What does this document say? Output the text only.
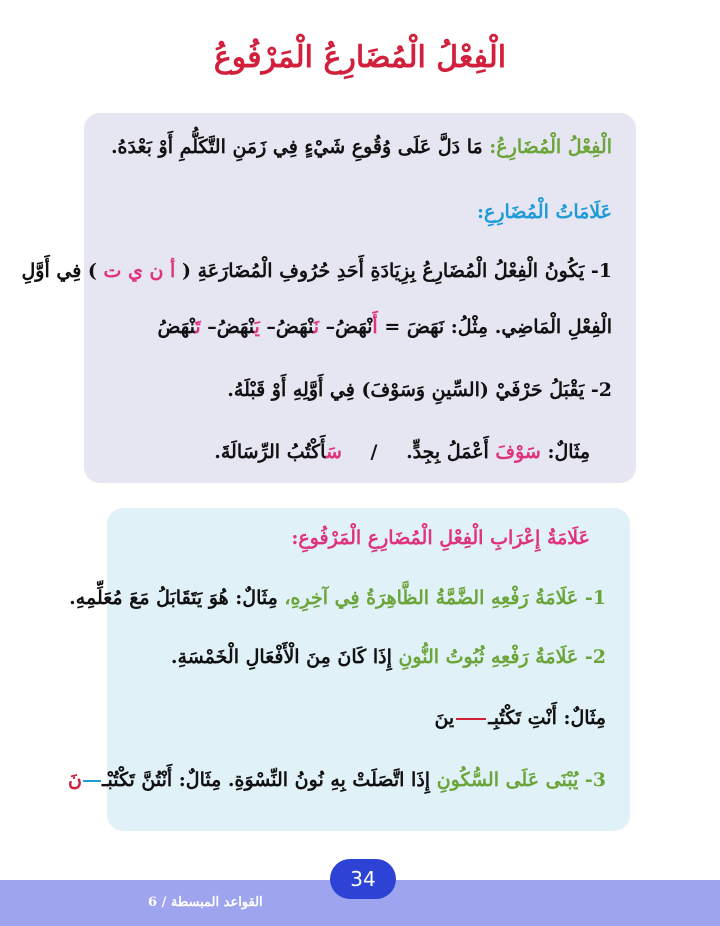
الْفِعْلُ الْمُضَارِعُ الْمَرْفُوعُ
الْفِعْلُ الْمُضَارِعُ: مَا دَلَّ عَلَى وُقُوعِ شَيْءٍ فِي زَمَنِ التَّكَلُّمِ أَوْ بَعْدَهُ.
عَلَامَاتُ الْمُضَارِعِ:
1- يَكُونُ الْفِعْلُ الْمُضَارِعُ بِزِيَادَةِ أَحَدِ حُرُوفِ الْمُضَارَعَةِ ( أ ن ي ت ) فِي أَوَّلِ
الْفِعْلِ الْمَاضِي. مِثْلُ: نَهَضَ = أَنْهَضُ– نَنْهَضُ– يَنْهَضُ– تَنْهَضُ
2- يَقْبَلُ حَرْفَيْ (السِّينِ وَسَوْفَ) فِي أَوَّلِهِ أَوْ قَبْلَهُ.
مِثَالٌ: سَوْفَ أَعْمَلُ بِجِدٍّ. / سَأَكْتُبُ الرِّسَالَةَ.
عَلَامَةُ إِعْرَابِ الْفِعْلِ الْمُضَارِعِ الْمَرْفُوعِ:
1- عَلَامَةُ رَفْعِهِ الضَّمَّةُ الظَّاهِرَةُ فِي آخِرِهِ، مِثَالٌ: هُوَ يَتَقَابَلُ مَعَ مُعَلِّمِهِ.
2- عَلَامَةُ رَفْعِهِ ثُبُوتُ النُّونِ إِذَا كَانَ مِنَ الْأَفْعَالِ الْخَمْسَةِ.
مِثَالٌ: أَنْتِ تَكْتُبِـينَ
3- يُبْنَى عَلَى السُّكُونِ إِذَا اتَّصَلَتْ بِهِ نُونُ النِّسْوَةِ. مِثَالٌ: أَنْتُنَّ تَكْتُبْـنَ
القواعد المبسطة / 6
34
